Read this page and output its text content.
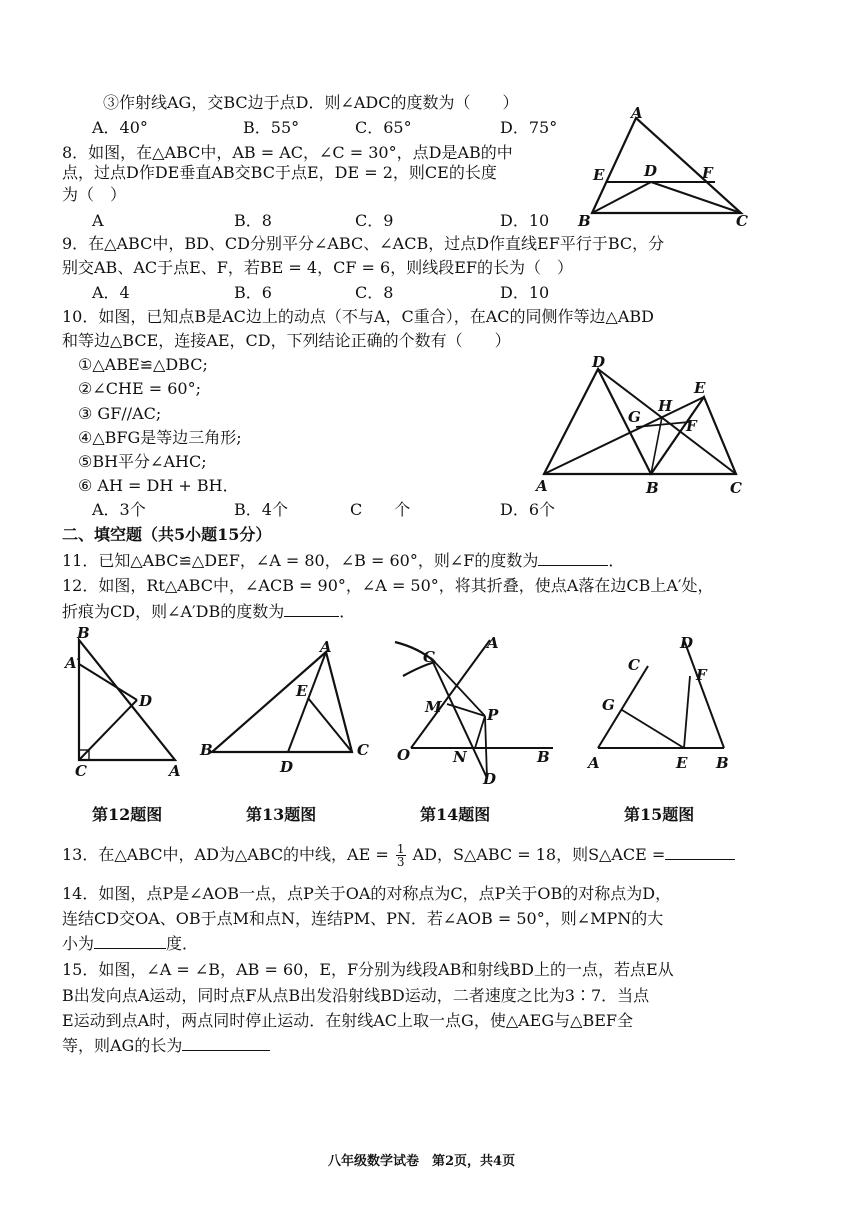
③作射线AG，交BC边于点D．则∠ADC的度数为（　　）
A．40°	B．55°	C．65°	D．75°
8．如图，在△ABC中，AB = AC，∠C = 30°，点D是AB的中
点，过点D作DE垂直AB交BC于点E，DE = 2，则CE的长度
为（　）
A	B．8	C．9	D．10
A
B	C
D
E	F
9．在△ABC中，BD、CD分别平分∠ABC、∠ACB，过点D作直线EF平行于BC，分
别交AB、AC于点E、F，若BE = 4，CF = 6，则线段EF的长为（　）
A．4	B．6	C．8	D．10
10．如图，已知点B是AC边上的动点（不与A，C重合），在AC的同侧作等边△ABD
和等边△BCE，连接AE，CD，下列结论正确的个数有（　　）
①△ABE≌△DBC;
②∠CHE = 60°;
③ GF//AC;
④△BFG是等边三角形;
⑤BH平分∠AHC;
⑥ AH = DH + BH．
A．3个	B．4个	C　　个	D．6个
D
A	B	C
E
F
G
H
二、填空题（共5小题15分）
11．已知△ABC≌△DEF，∠A = 80，∠B = 60°，则∠F的度数为	．
12．如图，Rt△ABC中，∠ACB = 90°，∠A = 50°，将其折叠，使点A落在边CB上A′处，
折痕为CD，则∠A′DB的度数为	．
B
A′
D
C	A
A
B	C
D
E
C
A
M	P
O	N	B
D
C
D
F
G
A	E B
第12题图	第13题图	第14题图	第15题图
13．在△ABC中，AD为△ABC的中线，AE = $\frac{1}{3}$ AD，S△ABC = 18，则S△ACE =
14．如图，点P是∠AOB一点，点P关于OA的对称点为C，点P关于OB的对称点为D，
连结CD交OA、OB于点M和点N，连结PM、PN．若∠AOB = 50°，则∠MPN的大
小为	度．
15．如图，∠A = ∠B，AB = 60，E，F分别为线段AB和射线BD上的一点，若点E从
B出发向点A运动，同时点F从点B出发沿射线BD运动，二者速度之比为3∶7．当点
E运动到点A时，两点同时停止运动．在射线AC上取一点G，使△AEG与△BEF全
等，则AG的长为
八年级数学试卷　第2页，共4页
